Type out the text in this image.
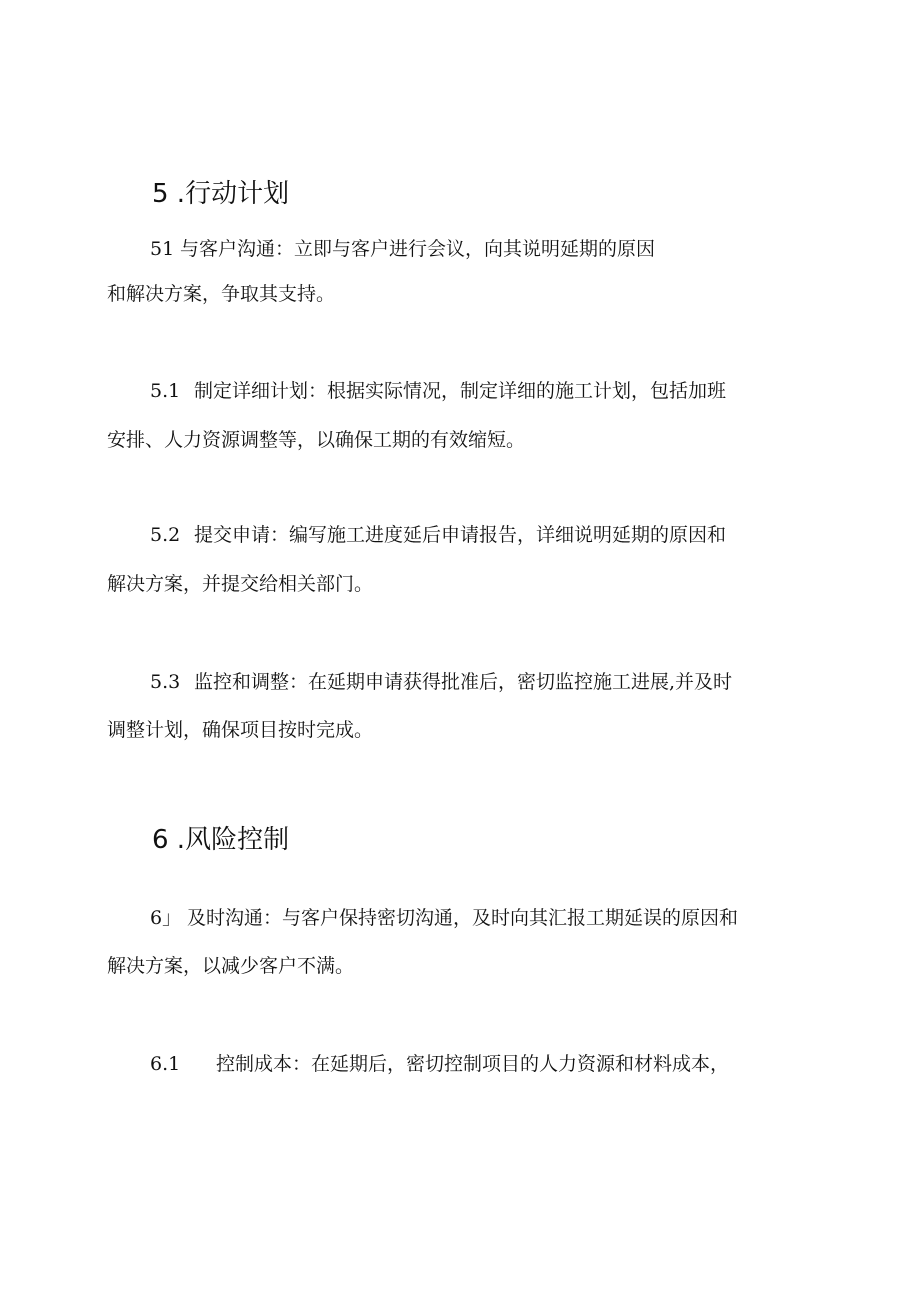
5 .行动计划
51 与客户沟通：立即与客户进行会议，向其说明延期的原因
和解决方案，争取其支持。
5.1 制定详细计划：根据实际情况，制定详细的施工计划，包括加班
安排、人力资源调整等，以确保工期的有效缩短。
5.2 提交申请：编写施工进度延后申请报告，详细说明延期的原因和
解决方案，并提交给相关部门。
5.3 监控和调整：在延期申请获得批准后，密切监控施工进展,并及时
调整计划，确保项目按时完成。
6 .风险控制
6」 及时沟通：与客户保持密切沟通，及时向其汇报工期延误的原因和
解决方案，以减少客户不满。
6.1 控制成本：在延期后，密切控制项目的人力资源和材料成本，
